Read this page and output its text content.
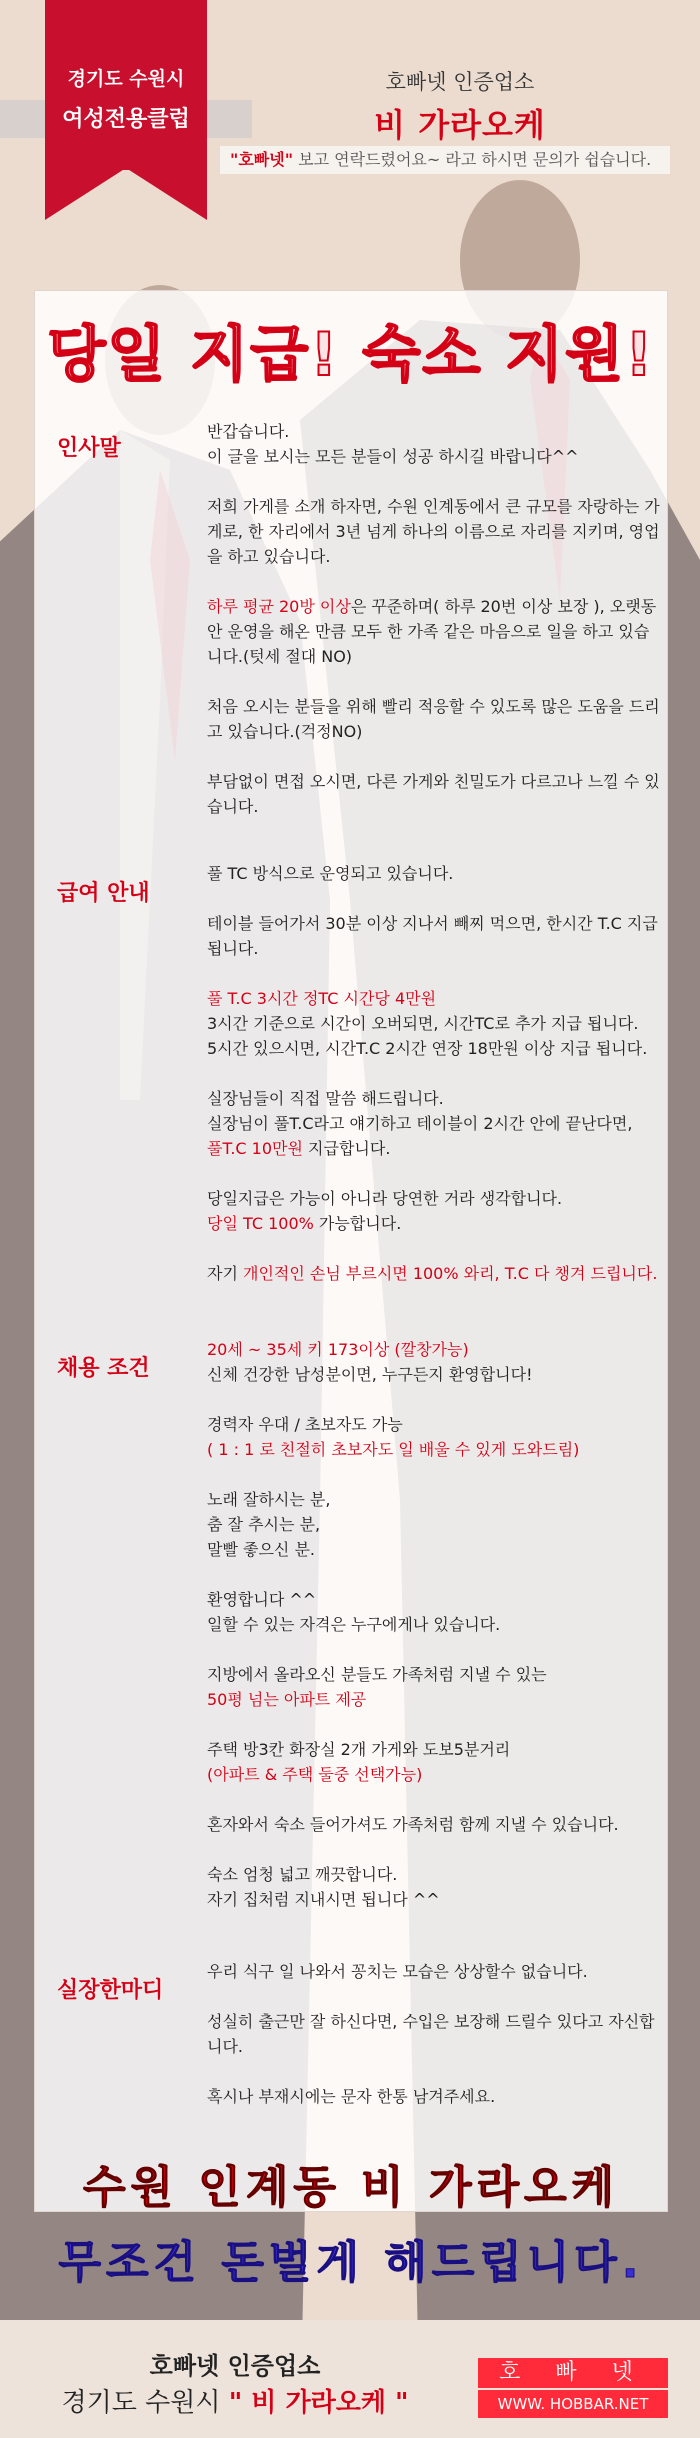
경기도 수원시
여성전용클럽
호빠넷 인증업소
비 가라오케
"호빠넷" 보고 연락드렸어요~ 라고 하시면 문의가 쉽습니다.
당일 지급! 숙소 지원!
인사말

반갑습니다.
이 글을 보시는 모든 분들이 성공 하시길 바랍니다^^

저희 가게를 소개 하자면, 수원 인계동에서 큰 규모를 자랑하는 가게로, 한 자리에서 3년 넘게 하나의 이름으로 자리를 지키며, 영업을 하고 있습니다.

하루 평균 20방 이상은 꾸준하며( 하루 20번 이상 보장 ), 오랫동안 운영을 해온 만큼 모두 한 가족 같은 마음으로 일을 하고 있습니다.(텃세 절대 NO)

처음 오시는 분들을 위해 빨리 적응할 수 있도록 많은 도움을 드리고 있습니다.(걱정NO)

부담없이 면접 오시면, 다른 가게와 친밀도가 다르고나 느낄 수 있습니다.

급여 안내

풀 TC 방식으로 운영되고 있습니다.

테이블 들어가서 30분 이상 지나서 빼찌 먹으면, 한시간 T.C 지급 됩니다.

풀 T.C 3시간 정TC 시간당 4만원
3시간 기준으로 시간이 오버되면, 시간TC로 추가 지급 됩니다.
5시간 있으시면, 시간T.C 2시간 연장 18만원 이상 지급 됩니다.

실장님들이 직접 말씀 해드립니다.
실장님이 풀T.C라고 얘기하고 테이블이 2시간 안에 끝난다면,
풀T.C 10만원 지급합니다.

당일지급은 가능이 아니라 당연한 거라 생각합니다.
당일 TC 100% 가능합니다.

자기 개인적인 손님 부르시면 100% 와리, T.C 다 챙겨 드립니다.

채용 조건

20세 ~ 35세 키 173이상 (깔창가능)
신체 건강한 남성분이면, 누구든지 환영합니다!

경력자 우대 / 초보자도 가능
( 1 : 1 로 친절히 초보자도 일 배울 수 있게 도와드림)

노래 잘하시는 분,
춤 잘 추시는 분,
말빨 좋으신 분.

환영합니다 ^^
일할 수 있는 자격은 누구에게나 있습니다.

지방에서 올라오신 분들도 가족처럼 지낼 수 있는
50평 넘는 아파트 제공

주택 방3칸 화장실 2개 가게와 도보5분거리
(아파트 & 주택 둘중 선택가능)

혼자와서 숙소 들어가셔도 가족처럼 함께 지낼 수 있습니다.

숙소 엄청 넓고 깨끗합니다.
자기 집처럼 지내시면 됩니다 ^^

실장한마디

우리 식구 일 나와서 꽁치는 모습은 상상할수 없습니다.

성실히 출근만 잘 하신다면, 수입은 보장해 드릴수 있다고 자신합니다.

혹시나 부재시에는 문자 한통 남겨주세요.

수원 인계동 비 가라오케
무조건 돈벌게 해드립니다.
호빠넷 인증업소
경기도 수원시 " 비 가라오케 "
호 빠 넷
WWW. HOBBAR.NET
